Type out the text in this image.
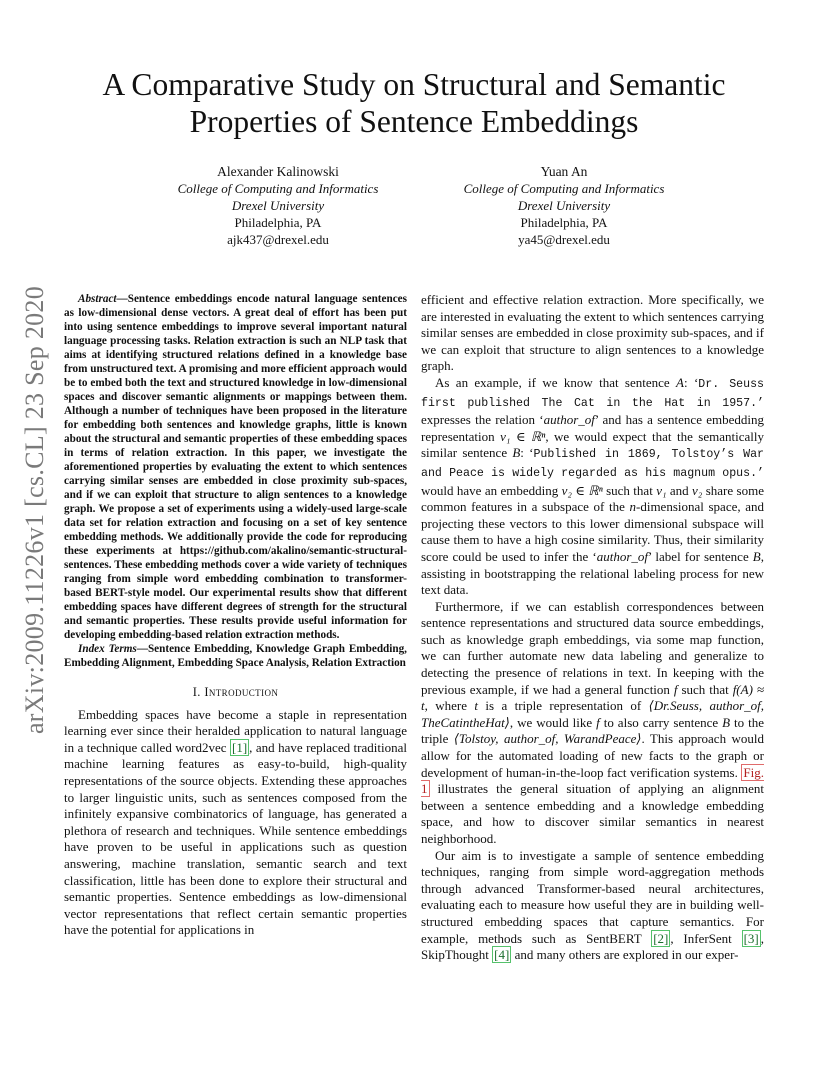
arXiv:2009.11226v1 [cs.CL] 23 Sep 2020
A Comparative Study on Structural and Semantic Properties of Sentence Embeddings
Alexander Kalinowski
College of Computing and Informatics
Drexel University
Philadelphia, PA
ajk437@drexel.edu
Yuan An
College of Computing and Informatics
Drexel University
Philadelphia, PA
ya45@drexel.edu

Abstract—Sentence embeddings encode natural language sentences as low-dimensional dense vectors. A great deal of effort has been put into using sentence embeddings to improve several important natural language processing tasks. Relation extraction is such an NLP task that aims at identifying structured relations defined in a knowledge base from unstructured text. A promising and more efficient approach would be to embed both the text and structured knowledge in low-dimensional spaces and discover semantic alignments or mappings between them. Although a number of techniques have been proposed in the literature for embedding both sentences and knowledge graphs, little is known about the structural and semantic properties of these embedding spaces in terms of relation extraction. In this paper, we investigate the aforementioned properties by evaluating the extent to which sentences carrying similar senses are embedded in close proximity sub-spaces, and if we can exploit that structure to align sentences to a knowledge graph. We propose a set of experiments using a widely-used large-scale data set for relation extraction and focusing on a set of key sentence embedding methods. We additionally provide the code for reproducing these experiments at https://github.com/akalino/semantic-structural-sentences. These embedding methods cover a wide variety of techniques ranging from simple word embedding combination to transformer-based BERT-style model. Our experimental results show that different embedding spaces have different degrees of strength for the structural and semantic properties. These results provide useful information for developing embedding-based relation extraction methods.

Index Terms—Sentence Embedding, Knowledge Graph Embedding, Embedding Alignment, Embedding Space Analysis, Relation Extraction

I. Introduction

Embedding spaces have become a staple in representation learning ever since their heralded application to natural language in a technique called word2vec [1] , and have replaced traditional machine learning features as easy-to-build, high-quality representations of the source objects. Extending these approaches to larger linguistic units, such as sentences composed from the infinitely expansive combinatorics of language, has generated a plethora of research and techniques. While sentence embeddings have proven to be useful in applications such as question answering, machine translation, semantic search and text classification, little has been done to explore their structural and semantic properties. Sentence embeddings as low-dimensional vector representations that reflect certain semantic properties have the potential for applications in

efficient and effective relation extraction. More specifically, we are interested in evaluating the extent to which sentences carrying similar senses are embedded in close proximity sub-spaces, and if we can exploit that structure to align sentences to a knowledge graph.

As an example, if we know that sentence A: ‘Dr. Seuss first published The Cat in the Hat in 1957.’ expresses the relation ‘author_of’ and has a sentence embedding representation v₁ ∈ ℝⁿ, we would expect that the semantically similar sentence B: ‘Published in 1869, Tolstoy’s War and Peace is widely regarded as his magnum opus.’ would have an embedding v₂ ∈ ℝⁿ such that v₁ and v₂ share some common features in a subspace of the n-dimensional space, and projecting these vectors to this lower dimensional subspace will cause them to have a high cosine similarity. Thus, their similarity score could be used to infer the ‘author_of’ label for sentence B, assisting in bootstrapping the relational labeling process for new text data.

Furthermore, if we can establish correspondences between sentence representations and structured data source embeddings, such as knowledge graph embeddings, via some map function, we can further automate new data labeling and generalize to detecting the presence of relations in text. In keeping with the previous example, if we had a general function f such that f(A) ≈ t, where t is a triple representation of ⟨Dr.Seuss, author_of, TheCatintheHat⟩, we would like f to also carry sentence B to the triple ⟨Tolstoy, author_of, WarandPeace⟩. This approach would allow for the automated loading of new facts to the graph or development of human-in-the-loop fact verification systems. Fig. 1 illustrates the general situation of applying an alignment between a sentence embedding and a knowledge embedding space, and how to discover similar semantics in nearest neighborhood.

Our aim is to investigate a sample of sentence embedding techniques, ranging from simple word-aggregation methods through advanced Transformer-based neural architectures, evaluating each to measure how useful they are in building well-structured embedding spaces that capture semantics. For example, methods such as SentBERT [2] , InferSent [3] , SkipThought [4] and many others are explored in our exper-
